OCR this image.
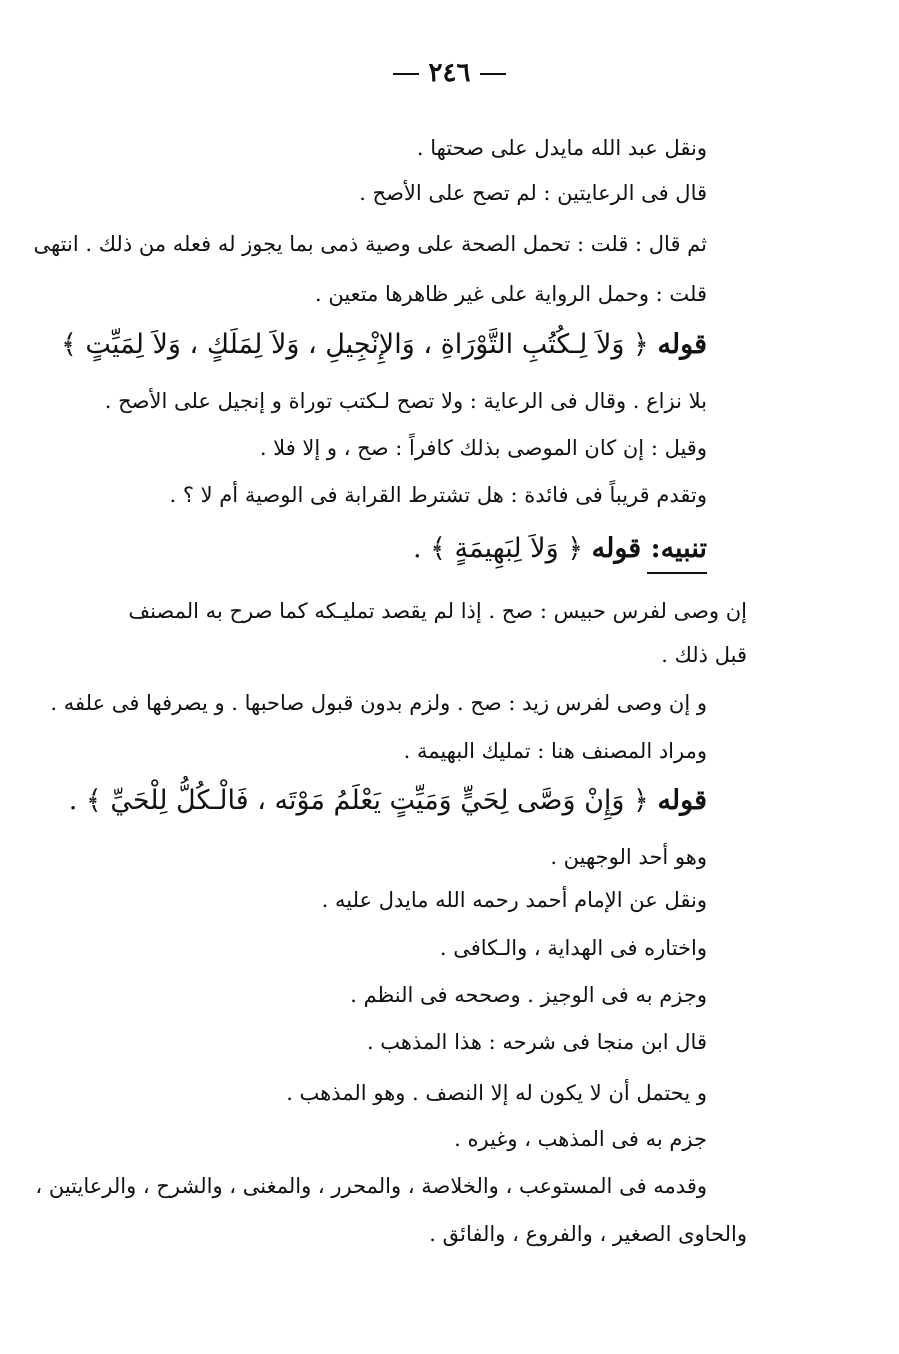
٢٤٦
ونقل عبد الله مايدل على صحتها .
قال فى الرعايتين : لم تصح على الأصح .
ثم قال : قلت : تحمل الصحة على وصية ذمى بما يجوز له فعله من ذلك . انتهى
قلت : وحمل الرواية على غير ظاهرها متعين .
قوله ﴿ وَلاَ لِـكُتُبِ التَّوْرَاةِ ، وَالإِنْجِيلِ ، وَلاَ لِمَلَكٍ ، وَلاَ لِمَيِّتٍ ﴾
بلا نزاع . وقال فى الرعاية : ولا تصح لـكتب توراة و إنجيل على الأصح .
وقيل : إن كان الموصى بذلك كافراً : صح ، و إلا فلا .
وتقدم قريباً فى فائدة : هل تشترط القرابة فى الوصية أم لا ؟ .
تنبيه: قوله ﴿ وَلاَ لِبَهِيمَةٍ ﴾ .
إن وصى لفرس حبيس : صح . إذا لم يقصد تمليـكه كما صرح به المصنف
قبل ذلك .
و إن وصى لفرس زيد : صح . ولزم بدون قبول صاحبها . و يصرفها فى علفه .
ومراد المصنف هنا : تمليك البهيمة .
قوله ﴿ وَإِنْ وَصَّى لِحَيٍّ وَمَيِّتٍ يَعْلَمُ مَوْتَه ، فَالْـكُلُّ لِلْحَيِّ ﴾ .
وهو أحد الوجهين .
ونقل عن الإمام أحمد رحمه الله مايدل عليه .
واختاره فى الهداية ، والـكافى .
وجزم به فى الوجيز . وصححه فى النظم .
قال ابن منجا فى شرحه : هذا المذهب .
و يحتمل أن لا يكون له إلا النصف . وهو المذهب .
جزم به فى المذهب ، وغيره .
وقدمه فى المستوعب ، والخلاصة ، والمحرر ، والمغنى ، والشرح ، والرعايتين ،
والحاوى الصغير ، والفروع ، والفائق .
